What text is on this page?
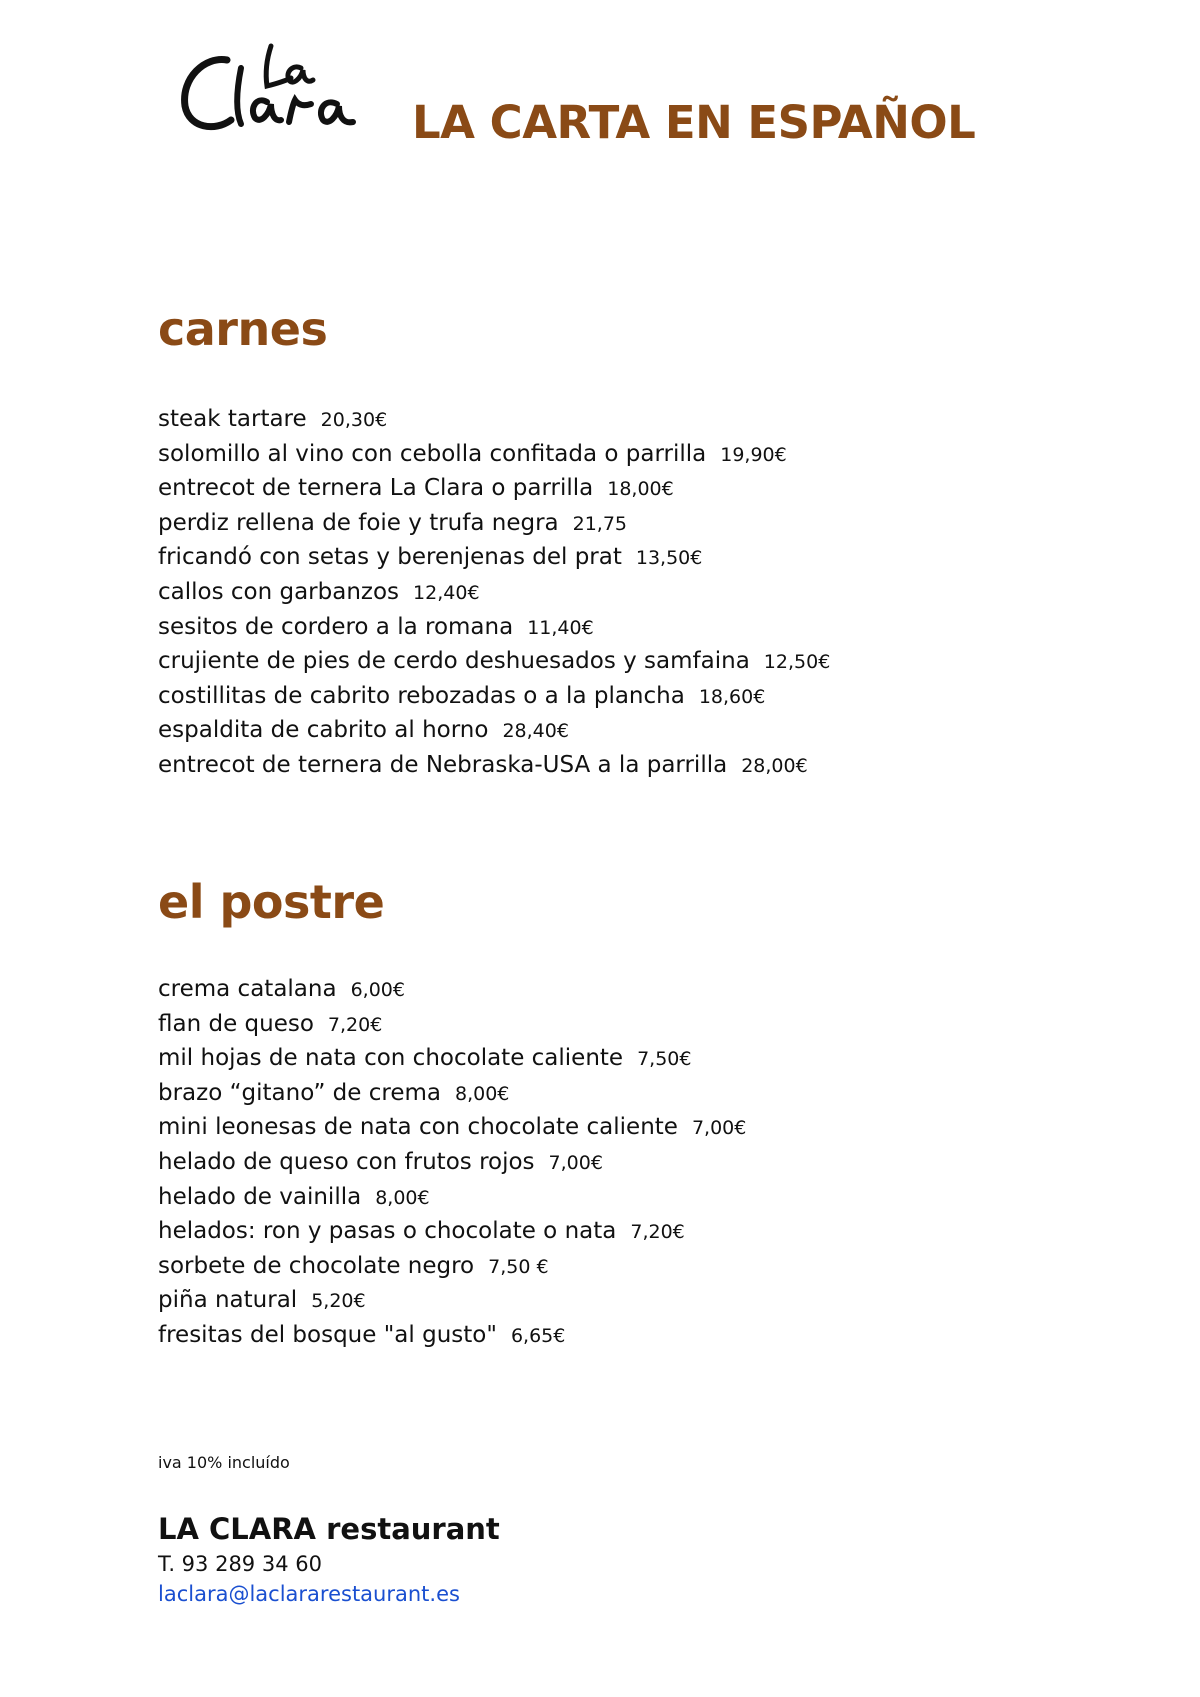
LA CARTA EN ESPAÑOL
carnes
steak tartare 20,30€
solomillo al vino con cebolla confitada o parrilla 19,90€
entrecot de ternera La Clara o parrilla 18,00€
perdiz rellena de foie y trufa negra 21,75
fricandó con setas y berenjenas del prat 13,50€
callos con garbanzos 12,40€
sesitos de cordero a la romana 11,40€
crujiente de pies de cerdo deshuesados y samfaina 12,50€
costillitas de cabrito rebozadas o a la plancha 18,60€
espaldita de cabrito al horno 28,40€
entrecot de ternera de Nebraska-USA a la parrilla 28,00€
el postre
crema catalana 6,00€
flan de queso 7,20€
mil hojas de nata con chocolate caliente 7,50€
brazo “gitano” de crema 8,00€
mini leonesas de nata con chocolate caliente 7,00€
helado de queso con frutos rojos 7,00€
helado de vainilla 8,00€
helados: ron y pasas o chocolate o nata 7,20€
sorbete de chocolate negro 7,50 €
piña natural 5,20€
fresitas del bosque "al gusto" 6,65€
iva 10% incluído
LA CLARA restaurant
T. 93 289 34 60
laclara@laclararestaurant.es
